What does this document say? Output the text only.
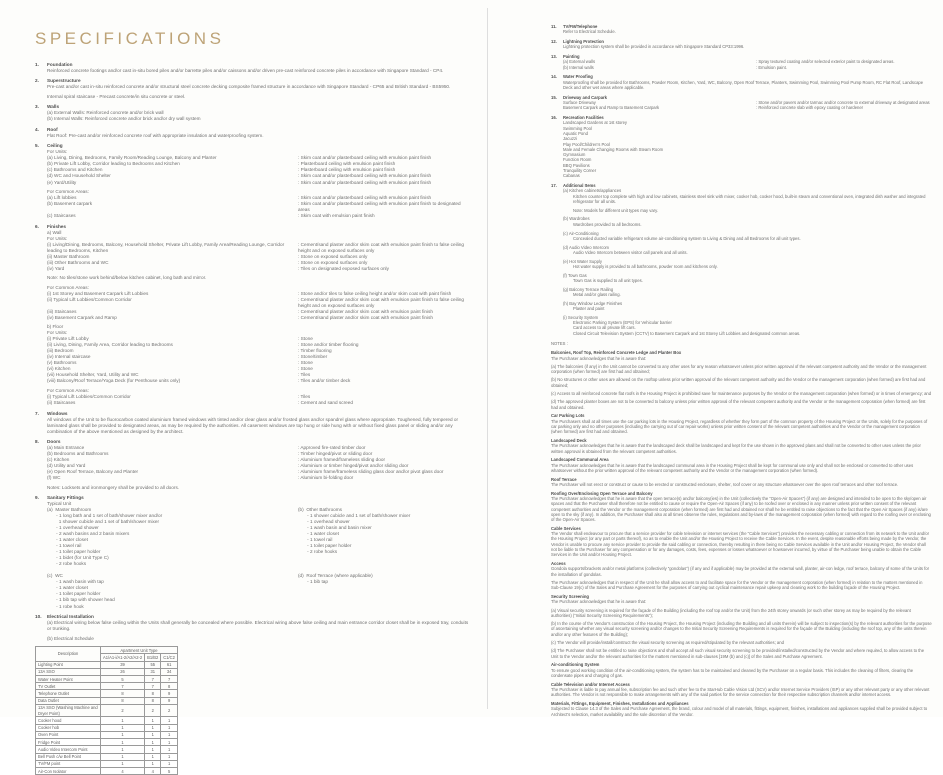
SPECIFICATIONS
1.	Foundation
Reinforced concrete footings and/or cast in-situ bored piles and/or barrette piles and/or caissons and/or driven pre-cast reinforced concrete piles in accordance with Singapore Standard - CP4.
2.	Superstructure
Pre-cast and/or cast in-situ reinforced concrete and/or structural steel concrete decking composite framed structure in accordance with Singapore Standard - CP65 and British Standard - BS5950.
Internal spiral staircase - Precast concrete/in situ concrete or steel.
3.	Walls
(a) External Walls: Reinforced concrete and/or brick wall
(b) Internal Walls: Reinforced concrete and/or brick and/or dry wall system
4.	Roof
Flat Roof: Pre-cast and/or reinforced concrete roof with appropriate insulation and waterproofing system.
5.	Ceiling
For Units:
(a) Living, Dining, Bedrooms, Family Room/Reading Lounge, Balcony and Planter	: Skim coat and/or plasterboard ceiling with emulsion paint finish
(b) Private Lift Lobby, Corridor leading to Bedrooms and Kitchen	: Plasterboard ceiling with emulsion paint finish
(c) Bathrooms and Kitchen	: Plasterboard ceiling with emulsion paint finish
(d) WC and Household Shelter	: Skim coat and/or plasterboard ceiling with emulsion paint finish
(e) Yard/Utility	: Skim coat and/or plasterboard ceiling with emulsion paint finish
For Common Areas:
(a) Lift lobbies	: Skim coat and/or plasterboard ceiling with emulsion paint finish
(b) Basement carpark	: Skim coat and/or plasterboard ceiling with emulsion paint finish to designated areas
(c) Staircases	: Skim coat with emulsion paint finish
6.	Finishes
a) Wall
For Units:
(i) Living/Dining, Bedrooms, Balcony, Household Shelter, Private Lift Lobby, Family Area/Reading Lounge, Corridor leading to Bedrooms, Kitchen
: Cement/sand plaster and/or skim coat with emulsion paint finish to false ceiling height and on exposed surfaces only
(ii) Master Bathroom	: Stone on exposed surfaces only
(iii) Other Bathrooms and WC	: Stone on exposed surfaces only
(iv) Yard	: Tiles on designated exposed surfaces only
Note: No tiles/stone work behind/below kitchen cabinet, long bath and mirror.
For Common Areas:
(i) 1st Storey and Basement Carpark Lift Lobbies	: Stone and/or tiles to false ceiling height and/or skim coat with paint finish
(ii) Typical Lift Lobbies/Common Corridor	: Cement/sand plaster and/or skim coat with emulsion paint finish to false ceiling height and on exposed surfaces only
(iii) Staircases	: Cement/sand plaster and/or skim coat with emulsion paint finish
(iv) Basement Carpark and Ramp	: Cement/sand plaster and/or skim coat with emulsion paint finish
b) Floor
For Units:
(i) Private Lift Lobby	: Stone
(ii) Living, Dining, Family Area, Corridor leading to Bedrooms	: Stone and/or timber flooring
(iii) Bedroom	: Timber flooring
(iv) Internal staircase	: Stone/timber
(v) Bathrooms	: Stone
(vi) Kitchen	: Stone
(vii) Household Shelter, Yard, Utility and WC	: Tiles
(viii) Balcony/Roof Terrace/Yoga Deck (for Penthouse units only)	: Tiles and/or timber deck
For Common Areas:
(i) Typical Lift Lobbies/Common Corridor	: Tiles
(ii) Staircases	: Cement and sand screed
7.	Windows
All windows of the Unit to be fluorocarbon coated aluminium framed windows with tinted and/or clear glass and/or frosted glass and/or spandrel glass where appropriate. Toughened, fully tempered or laminated glass shall be provided to designated areas, as may be required by the authorities. All casement windows are top hung or side hung with or without fixed glass panel or sliding and/or any combination of the above mentioned as designed by the architect.
8.	Doors
(a) Main Entrance	: Approved fire-rated timber door
(b) Bedrooms and Bathrooms	: Timber hinged/pivot or sliding door
(c) Kitchen	: Aluminium framed/frameless sliding door
(d) Utility and Yard	: Aluminium or timber hinged/pivot and/or sliding door
(e) Open Roof Terrace, Balcony and Planter	: Aluminium frame/frameless sliding glass door and/or pivot glass door
(f) WC	: Aluminium bi-folding door
Notes: Locksets and ironmongery shall be provided to all doors.
9.	Sanitary Fittings
Typical Unit
(a)  Master Bathroom
- 1 long bath and 1 set of bath/shower mixer and/or
1 shower cubicle and 1 set of bath/shower mixer
- 1 overhead shower
- 2 wash basins and 2 basin mixers
- 1 water closet
- 1 towel rail
- 1 toilet paper holder
- 1 bidet (for Unit Type C)
- 2 robe hooks

(c)  WC
- 1 wash basin with tap
- 1 water closet
- 1 toilet paper holder
- 1 bib tap with shower head
- 1 robe hook
(b)  Other Bathrooms
- 1 shower cubicle and 1 set of bath/shower mixer
- 1 overhead shower
- 1 wash basin and basin mixer
- 1 water closet
- 1 towel rail
- 1 toilet paper holder
- 2 robe hooks

(d)  Roof Terrace (where applicable)
- 1 bib tap
10.	Electrical Installation
(a) Electrical wiring below false ceiling within the Units shall generally be concealed where possible. Electrical wiring above false ceiling and main entrance corridor closet shall be in exposed tray, conduits or trunking.
(b) Electrical Schedule
Description	Apartment Unit Type		
	A1/A1-i/A1-2/A2/A2-2	B1/B2	C1/C2
Lighting Point	39	55	61
13A SSO	26	31	34
Water Heater Point	5	7	7
TV Outlet	7	7	8
Telephone Outlet	8	8	9
Data Outlet	8	8	9
13A SSO (Washing Machine and Dryer Point)	2	2	2
Cooker hood	1	1	1
Cooker hob	1	1	1
Oven Point	1	1	1
Fridge Point	1	1	1
Audio Video Intercom Point	1	1	1
Bell Push c/w Bell Point	1	1	1
TV/FM point	1	1	1
Air-Con Isolator	4	4	5
11.	TV/FM/Telephone
Refer to Electrical Schedule.
12.	Lightning Protection
Lightning protection system shall be provided in accordance with Singapore Standard CP33:1996.
13.	Painting
(a) External walls	: Spray textured coating and/or selected exterior paint to designated areas.
(b) Internal walls	: Emulsion paint.
14.	Water Proofing
Waterproofing shall be provided for Bathrooms, Powder Room, Kitchen, Yard, WC, Balcony, Open Roof Terrace, Planters, Swimming Pool, Swimming Pool Pump Room, RC Flat Roof, Landscape Deck and other wet areas where applicable.
15.	Driveway and Carpark
Surface Driveway	: Stone and/or pavers and/or tarmac and/or concrete to external driveway at designated areas
Basement Carpark and Ramp to Basement Carpark	: Reinforced concrete slab with epoxy coating or hardener
16.	Recreation Facilities
Landscaped Gardens at 1st storey
Swimming Pool
Aquatic Pond
Jacuzzi
Play Pool/Children's Pool
Male and Female Changing Rooms with Steam Room
Gymnasium
Function Room
BBQ Pavilions
Tranquility Corner
Cabanas
17.	Additional Items
(a) Kitchen cabinets/appliances
Kitchen counter top complete with high and low cabinets, stainless steel sink with mixer, cooker hob, cooker hood, built-in steam and conventional oven, integrated dish washer and integrated refrigerator for all units.
Note: Models for different unit types may vary.
(b) Wardrobes
Wardrobes provided to all bedrooms.
(c) Air-Conditioning
Concealed ducted variable refrigerant volume air-conditioning system to Living & Dining and all Bedrooms for all unit types.
(d) Audio Video Intercom
Audio Video Intercom between visitor call panels and all units.
(e) Hot Water Supply
Hot water supply is provided to all bathrooms, powder room and kitchens only.
(f) Town Gas
Town Gas is supplied to all unit types.
(g) Balcony Terrace Railing
Metal and/or glass railing.
(h) Bay Window Ledge Finishes
Plaster and paint
(i) Security System
Electronic Parking System (EPS) for Vehicular barrier
Card access to all private lift cars.
Closed Circuit Television System (CCTV) to Basement Carpark and 1st Storey Lift Lobbies and designated common areas.
NOTES :
Balconies, Roof Top, Reinforced Concrete Ledge and Planter Box
The Purchaser acknowledges that he is aware that:
(a) The balconies (if any) in the Unit cannot be converted to any other uses for any reason whatsoever unless prior written approval of the relevant competent authority and the Vendor or the management corporation (when formed) are first had and obtained;
(b) No structures or other uses are allowed on the rooftop unless prior written approval of the relevant competent authority and the Vendor or the management corporation (when formed) are first had and obtained;
(c) Access to all reinforced concrete flat roofs in the Housing Project is prohibited save for maintenance purposes by the Vendor or the management corporation (when formed) or in times of emergency; and
(d) The approved planter boxes are not to be converted to balcony unless prior written approval of the relevant competent authority and the Vendor or the management corporation (when formed) are first had and obtained.
Car Parking Lots
The Purchasers shall at all times use the car parking lots in the Housing Project, regardless of whether they form part of the common property of the Housing Project or the Units, solely for the purposes of car parking only and no other purposes (including the carrying out of car repair works) unless prior written consent of the relevant competent authorities and the Vendor or the management corporation (when formed) are first had and obtained.
Landscaped Deck
The Purchaser acknowledges that he is aware that the landscaped deck shall be landscaped and kept for the use shown in the approved plans and shall not be converted to other uses unless the prior written approval is obtained from the relevant competent authorities.
Landscaped Communal Area
The Purchaser acknowledges that he is aware that the landscaped communal area in the Housing Project shall be kept for communal use only and shall not be enclosed or converted to other uses whatsoever without the prior written approval of the relevant competent authority and the Vendor or the management corporation (when formed).
Roof Terrace
The Purchaser will not erect or construct or cause to be erected or constructed enclosure, shelter, roof cover or any structure whatsoever over the open roof terraces and other roof terrace.
Roofing Over/Enclosing Open Terrace and Balcony
The Purchaser acknowledges that he is aware that the open terrace(s) and/or balcony(ies) in the Unit (collectively the “Open-Air Spaces”) (if any) are designed and intended to be open to the sky/open air spaces and that the Purchaser shall therefore not be entitled to cause or require the Open-Air Spaces (if any) to be roofed over or enclosed in any manner unless prior written consent of the relevant competent authorities and the Vendor or the management corporation (when formed) are first had and obtained nor shall he be entitled to raise objections to the fact that the Open Air Spaces (if any) is/are open to the sky (if any). In addition, the Purchaser shall also at all times observe the rules, regulations and by-laws of the management corporation (when formed) with regard to the roofing over or enclosing of the Open-Air Spaces.
Cable Services
The Vendor shall endeavour to procure that a service provider for cable television or internet services (the “Cable Services”) provides the necessary cabling or connection from its network to the Unit and/or the Housing Project (or any part or parts thereof), so as to enable the Unit and/or the Housing Project to receive the Cable Services. In the event, despite reasonable efforts being made by the Vendor, the Vendor is unable to procure any service provider to provide the said cabling or connection, thereby resulting in there being no Cable Services available in the Unit and/or Housing Project, the Vendor shall not be liable to the Purchaser for any compensation or for any damages, costs, fees, expenses or losses whatsoever or howsoever incurred, by virtue of the Purchaser being unable to obtain the Cable Services in the Unit and/or Housing Project.
Access
Gondola supports/brackets and/or metal platforms (collectively “gondolas”) (if any and if applicable) may be provided at the external wall, planter, air-con ledge, roof terrace, balcony of some of the Units for the installation of gondolas.
The Purchaser acknowledges that in respect of the Unit he shall allow access to and facilitate space for the Vendor or the management corporation (when formed) in relation to the matters mentioned in Sub-Clause 19(c) of the Sales and Purchase Agreement for the purposes of carrying out cyclical maintenance repair upkeep and cleaning work to the building façade of the Housing Project.
Security Screening
The Purchaser acknowledges that he is aware that:
(a) Visual security screening is required for the façade of the Building (including the roof top and/or the Unit) from the 24th storey onwards (or such other storey as may be required by the relevant authorities) (“Initial Security Screening Requirements”);
(b) In the course of the Vendor's construction of the Housing Project, the Housing Project (including the Building and all units therein) will be subject to inspection(s) by the relevant authorities for the purpose of ascertaining whether any visual security screening and/or changes to the Initial Security Screening Requirements is required for the façade of the Building (including the roof top, any of the units therein and/or any other features of the Building);
(c) The Vendor will provide/install/construct the visual security screening as required/stipulated by the relevant authorities; and
(d) The Purchaser shall not be entitled to raise objections and shall accept all such visual security screening to be provided/installed/constructed by the Vendor and where required, to allow access to the Unit to the Vendor and/or the relevant authorities for the matters mentioned in sub-clauses [19M (b) and (c)] of the Sales and Purchase Agreement.
Air-conditioning System
To ensure good working condition of the air-conditioning system, the system has to be maintained and cleaned by the Purchaser on a regular basis. This includes the cleaning of filters, clearing the condensate pipes and charging of gas.
Cable Television and/or Internet Access
The Purchaser is liable to pay annual fee, subscription fee and such other fee to the StarHub Cable Vision Ltd (SCV) and/or Internet Service Providers (ISP) or any other relevant party or any other relevant authorities. The Vendor is not responsible to make arrangements with any of the said parties for the service connection for their respective subscription channels and/or internet access.
Materials, Fittings, Equipment, Finishes, Installations and Appliances
Subjected to Clause 14.3 of the Sales and Purchase Agreement, the brand, colour and model of all materials, fittings, equipment, finishes, installations and appliances supplied shall be provided subject to Architect's selection, market availability and the sole discretion of the Vendor.
